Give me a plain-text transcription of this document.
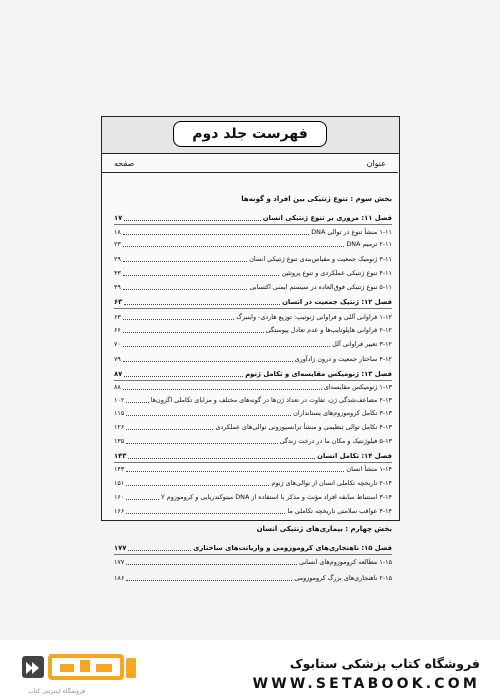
فهرست جلد دوم
عنوان
صفحه
بخش سوم : تنوع ژنتیکی بین افراد و گونه‌ها
بخش چهارم : بیماری‌های ژنتیکی انسان
فصل ۱۱: مروری بر تنوع ژنتیکی انسان
۱۷
۱-۱۱ منشأ تنوع در توالی DNA
۱۸
۲-۱۱ ترمیم DNA
۲۳
۳-۱۱ ژنومیک جمعیت و مقیاس‌بندی تنوع ژنتیکی انسان
۲۹
۴-۱۱ تنوع ژنتیکی عملکردی و تنوع پروتئین
۴۳
۵-۱۱ تنوع ژنتیکی فوق‌العاده در سیستم ایمنی اکتسابی
۴۹
فصل ۱۲: ژنتیک جمعیت در انسان
۶۳
۱-۱۲ فراوانی آللی و فراوانی ژنوتیپ: توزیع هاردی- واینبرگ
۶۳
۲-۱۲ فراوانی هاپلوتایپ‌ها و عدم تعادل پیوستگی
۶۶
۳-۱۲ تغییر فراوانی آلل
۷۰
۴-۱۲ ساختار جمعیت و درون زادآوری
۷۹
فصل ۱۳: ژنومیکس مقایسه‌ای و تکامل ژنوم
۸۷
۱-۱۳ ژنومیکس مقایسه‌ای
۸۸
۲-۱۳ مضاعف‌شدگی ژن، تفاوت در تعداد ژن‌ها در گونه‌های مختلف و مزایای تکاملی اگزون‌ها
۱۰۲
۳-۱۳ تکامل کروموزوم‌های پستانداران
۱۱۵
۴-۱۳ تکامل توالی تنظیمی و منشأ ترانسپوزونی توالی‌های عملکردی
۱۲۶
۵-۱۳ فیلوژنتیک و مکان ما در درخت زندگی
۱۳۵
فصل ۱۴: تکامل انسان
۱۴۳
۱-۱۴ منشأ انسان
۱۴۳
۲-۱۴ تاریخچه تکاملی انسان از توالی‌های ژنوم
۱۵۱
۳-۱۴ استنباط سابقه افراد مؤنث و مذکر با استفاده از DNA میتوکندریایی و کروموزوم Y
۱۶۰
۴-۱۴ عواقب سلامتی تاریخچه تکاملی ما
۱۶۶
فصل ۱۵: ناهنجاری‌های کروموزومی و واریانت‌های ساختاری
۱۷۷
۱-۱۵ مطالعه کروموزوم‌های انسانی
۱۷۷
۲-۱۵ ناهنجاری‌های بزرگ کروموزومی
۱۸۶
فروشگاه اینترنتی کتاب
فروشگاه کتاب پزشکی ستابوک
WWW.SETABOOK.COM
